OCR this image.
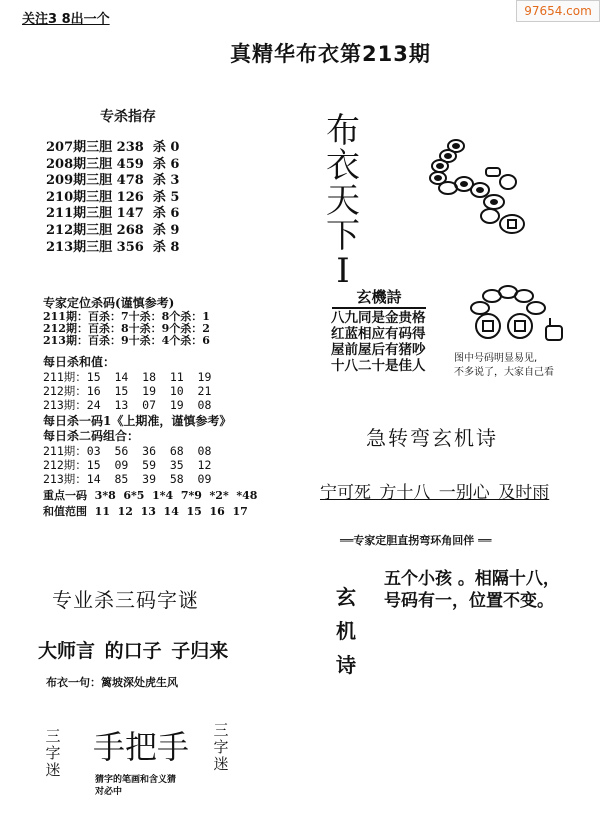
关注3 8出一个
97654.com
真精华布衣第213期
专杀指存
207期三胆 238  杀 0
208期三胆 459  杀 6
209期三胆 478  杀 3
210期三胆 126  杀 5
211期三胆 147  杀 6
212期三胆 268  杀 9
213期三胆 356  杀 8
专家定位杀码(谨慎参考)
211期：百杀：7十杀：8个杀：1
212期：百杀：8十杀：9个杀：2
213期：百杀：9十杀：4个杀：6
每日杀和值：
211期：15  14  18  11  19
212期：16  15  19  10  21
213期：24  13  07  19  08
每日杀一码1《上期准，谨慎参考》
每日杀二码组合：
211期：03  56  36  68  08
212期：15  09  59  35  12
213期：14  85  39  58  09
重点一码  3*8  6*5  1*4  7*9  *2*  *48
和值范围  11  12  13  14  15  16  17
布
衣
天
下
I
玄機詩
八九同是金贵格
红蓝相应有码得
屋前屋后有猪吵
十八二十是佳人	图中号码明显易见,
不多说了，大家自己看
急转弯玄机诗
宁可死 方十八 一别心 及时雨
══专家定胆直拐弯环角回伴 ══
玄
机
诗
五个小孩 。相隔十八，
号码有一，位置不变。
专业杀三码字谜
大师言 的口子 子归来
布衣一句：篱坡深处虎生风
三
字
迷
手把手 三
字
迷
猜字的笔画和含义猜
对必中
